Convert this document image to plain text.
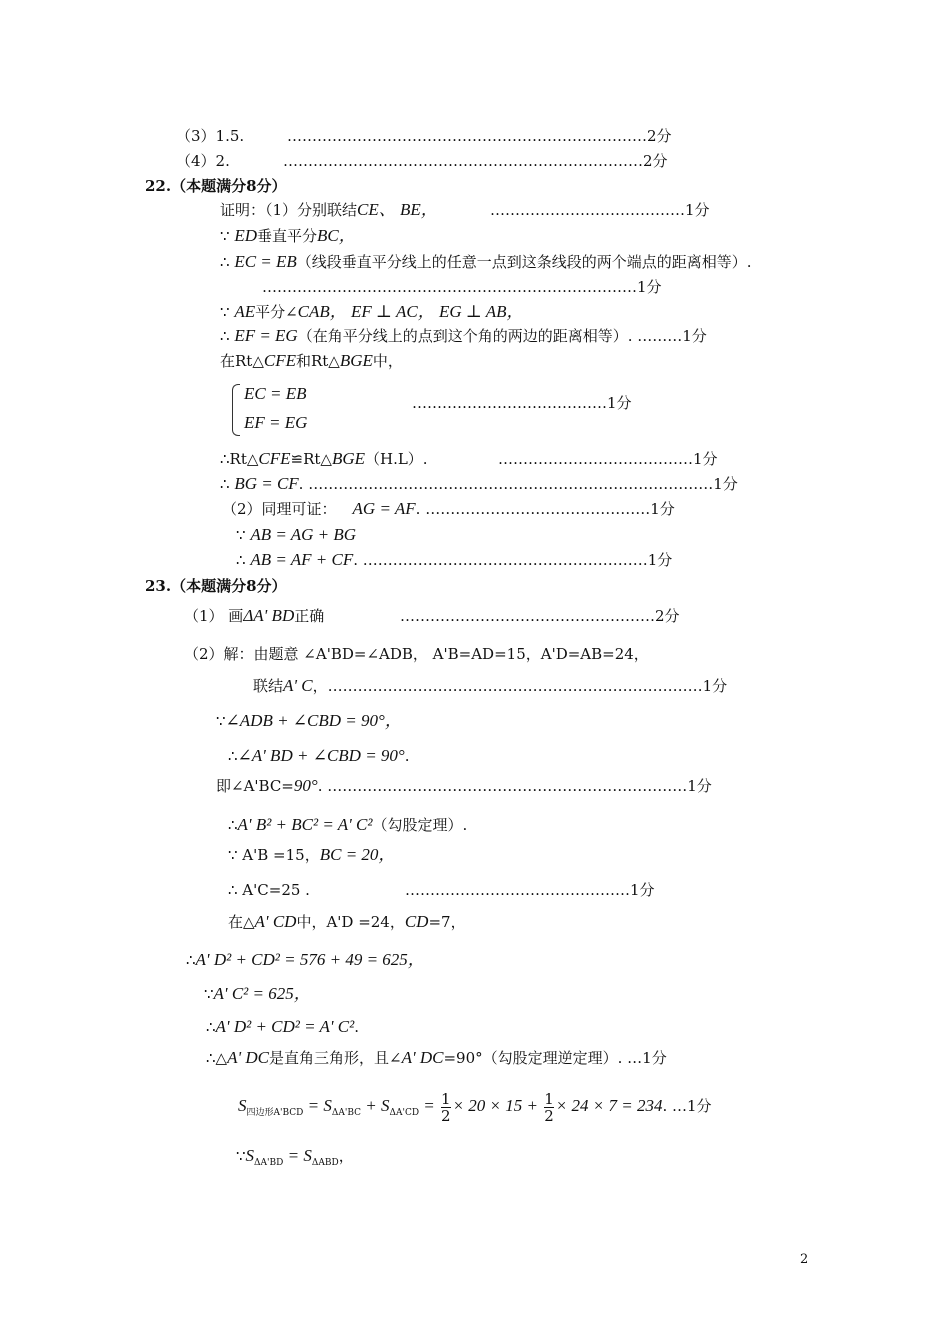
（3）1.5.	………………………………………………………………2分
（4）2.	………………………………………………………………2分
22.（本题满分8分）
证明：（1）分别联结CE、 BE，	…………………………………1分
∵ ED垂直平分BC，
∴ EC = EB（线段垂直平分线上的任意一点到这条线段的两个端点的距离相等）.
…………………………………………………………………1分
∵ AE平分∠CAB， EF ⊥ AC， EG ⊥ AB，
∴ EF = EG（在角平分线上的点到这个角的两边的距离相等）. ………1分
在Rt△CFE和Rt△BGE中，
EC = EB
EF = EG
…………………………………1分
∴Rt△CFE≌Rt△BGE（H.L）.	…………………………………1分
∴ BG = CF. ………………………………………………………………………1分
（2）同理可证： AG = AF. ………………………………………1分
∵ AB = AG + BG
∴ AB = AF + CF. …………………………………………………1分
23.（本题满分8分）
（1） 画ΔA' BD正确	……………………………………………2分
（2）解：由题意 ∠A'BD=∠ADB， A'B=AD=15，A'D=AB=24，
联结A' C，…………………………………………………………………1分
∵∠ADB + ∠CBD = 90°，
∴∠A' BD + ∠CBD = 90°.
即∠A'BC=90°. ………………………………………………………………1分
∴A' B² + BC² = A' C²（勾股定理）.
∵ A'B =15，BC = 20，
∴ A'C=25 .	………………………………………1分
在△A' CD中，A'D =24，CD=7，
∴A' D² + CD² = 576 + 49 = 625，
∵A' C² = 625，
∴A' D² + CD² = A' C².
∴△A' DC是直角三角形，且∠A' DC=90°（勾股定理逆定理）. …1分
$S_{四边形A'BCD} = S_{\Delta A'BC} + S_{\Delta A'CD} = \frac{1}{2} \times 20 \times 15 + \frac{1}{2} \times 24 \times 7 = 234$. …1分
$\because S_{\Delta A'BD} = S_{\Delta ABD}$，
2
